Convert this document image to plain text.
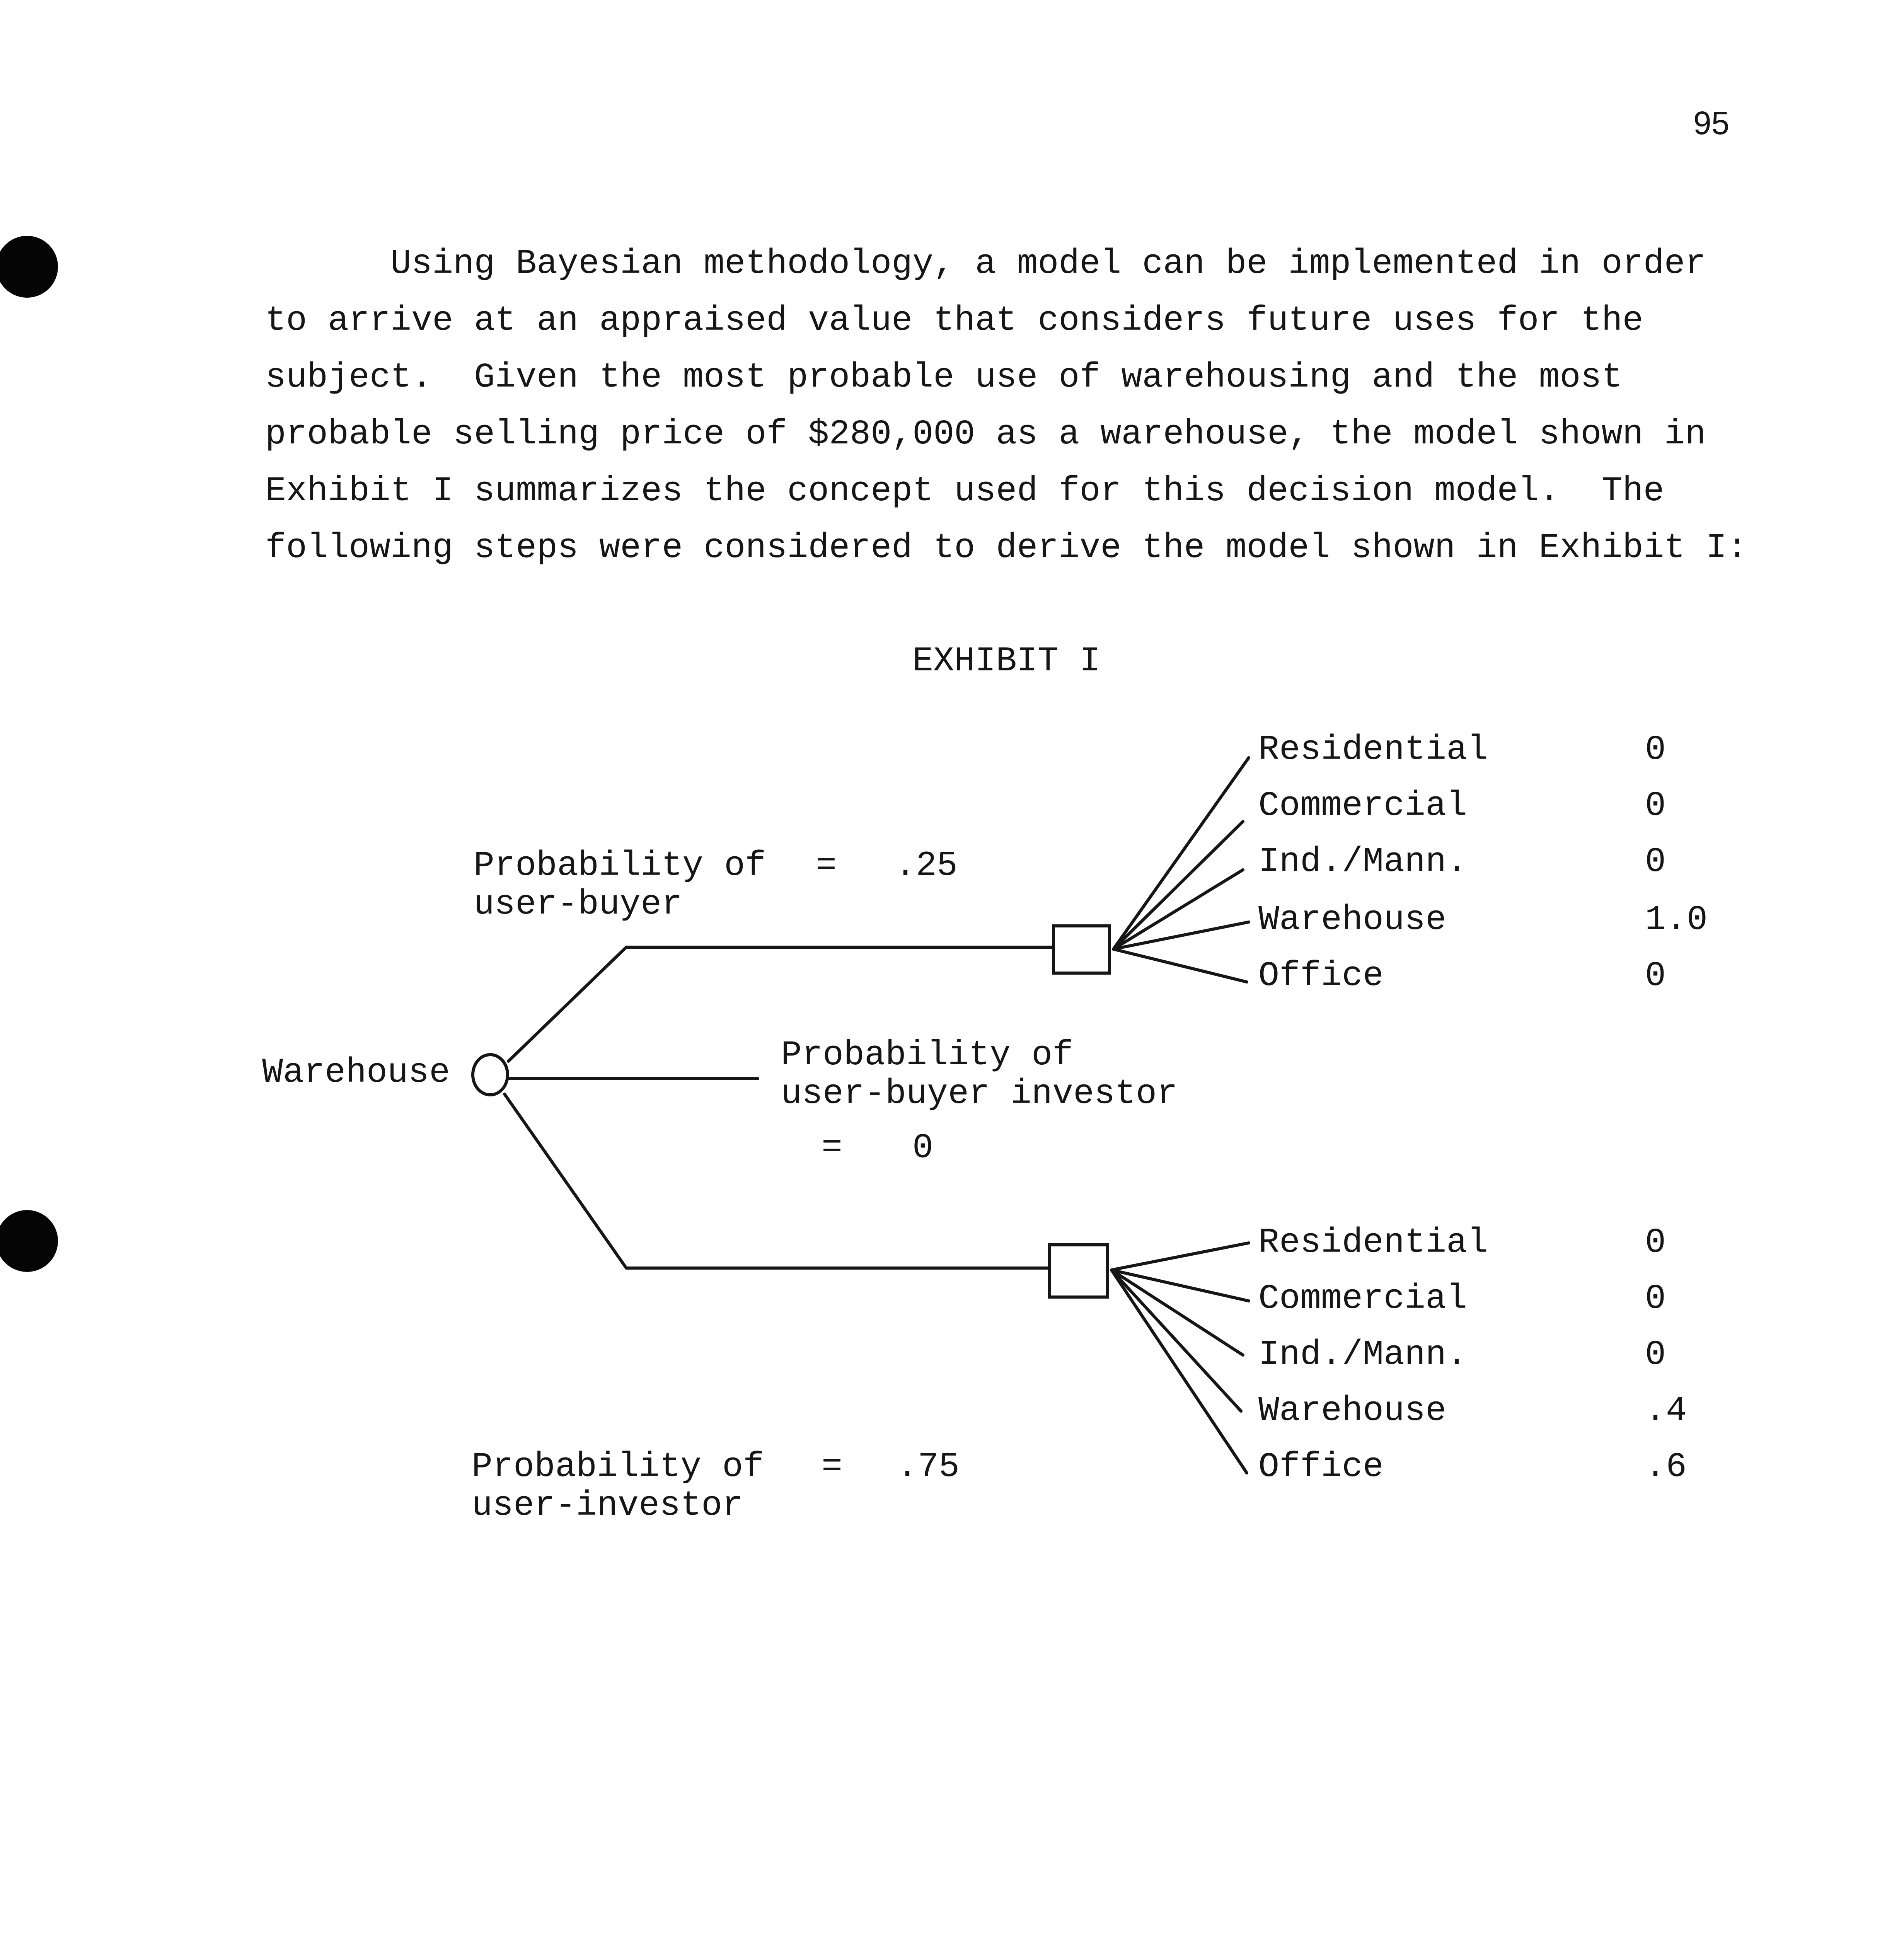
95
Using Bayesian methodology, a model can be implemented in order
to arrive at an appraised value that considers future uses for the
subject.  Given the most probable use of warehousing and the most
probable selling price of $280,000 as a warehouse, the model shown in
Exhibit I summarizes the concept used for this decision model.  The
following steps were considered to derive the model shown in Exhibit I:
EXHIBIT I
Warehouse
Probability of
user-buyer
= .25
Probability of
user-buyer investor
= 0
Probability of
user-investor
= .75
Residential	0
Commercial	0
Ind./Mann.	0
Warehouse	1.0
Office	0
Residential	0
Commercial	0
Ind./Mann.	0
Warehouse	.4
Office	.6
